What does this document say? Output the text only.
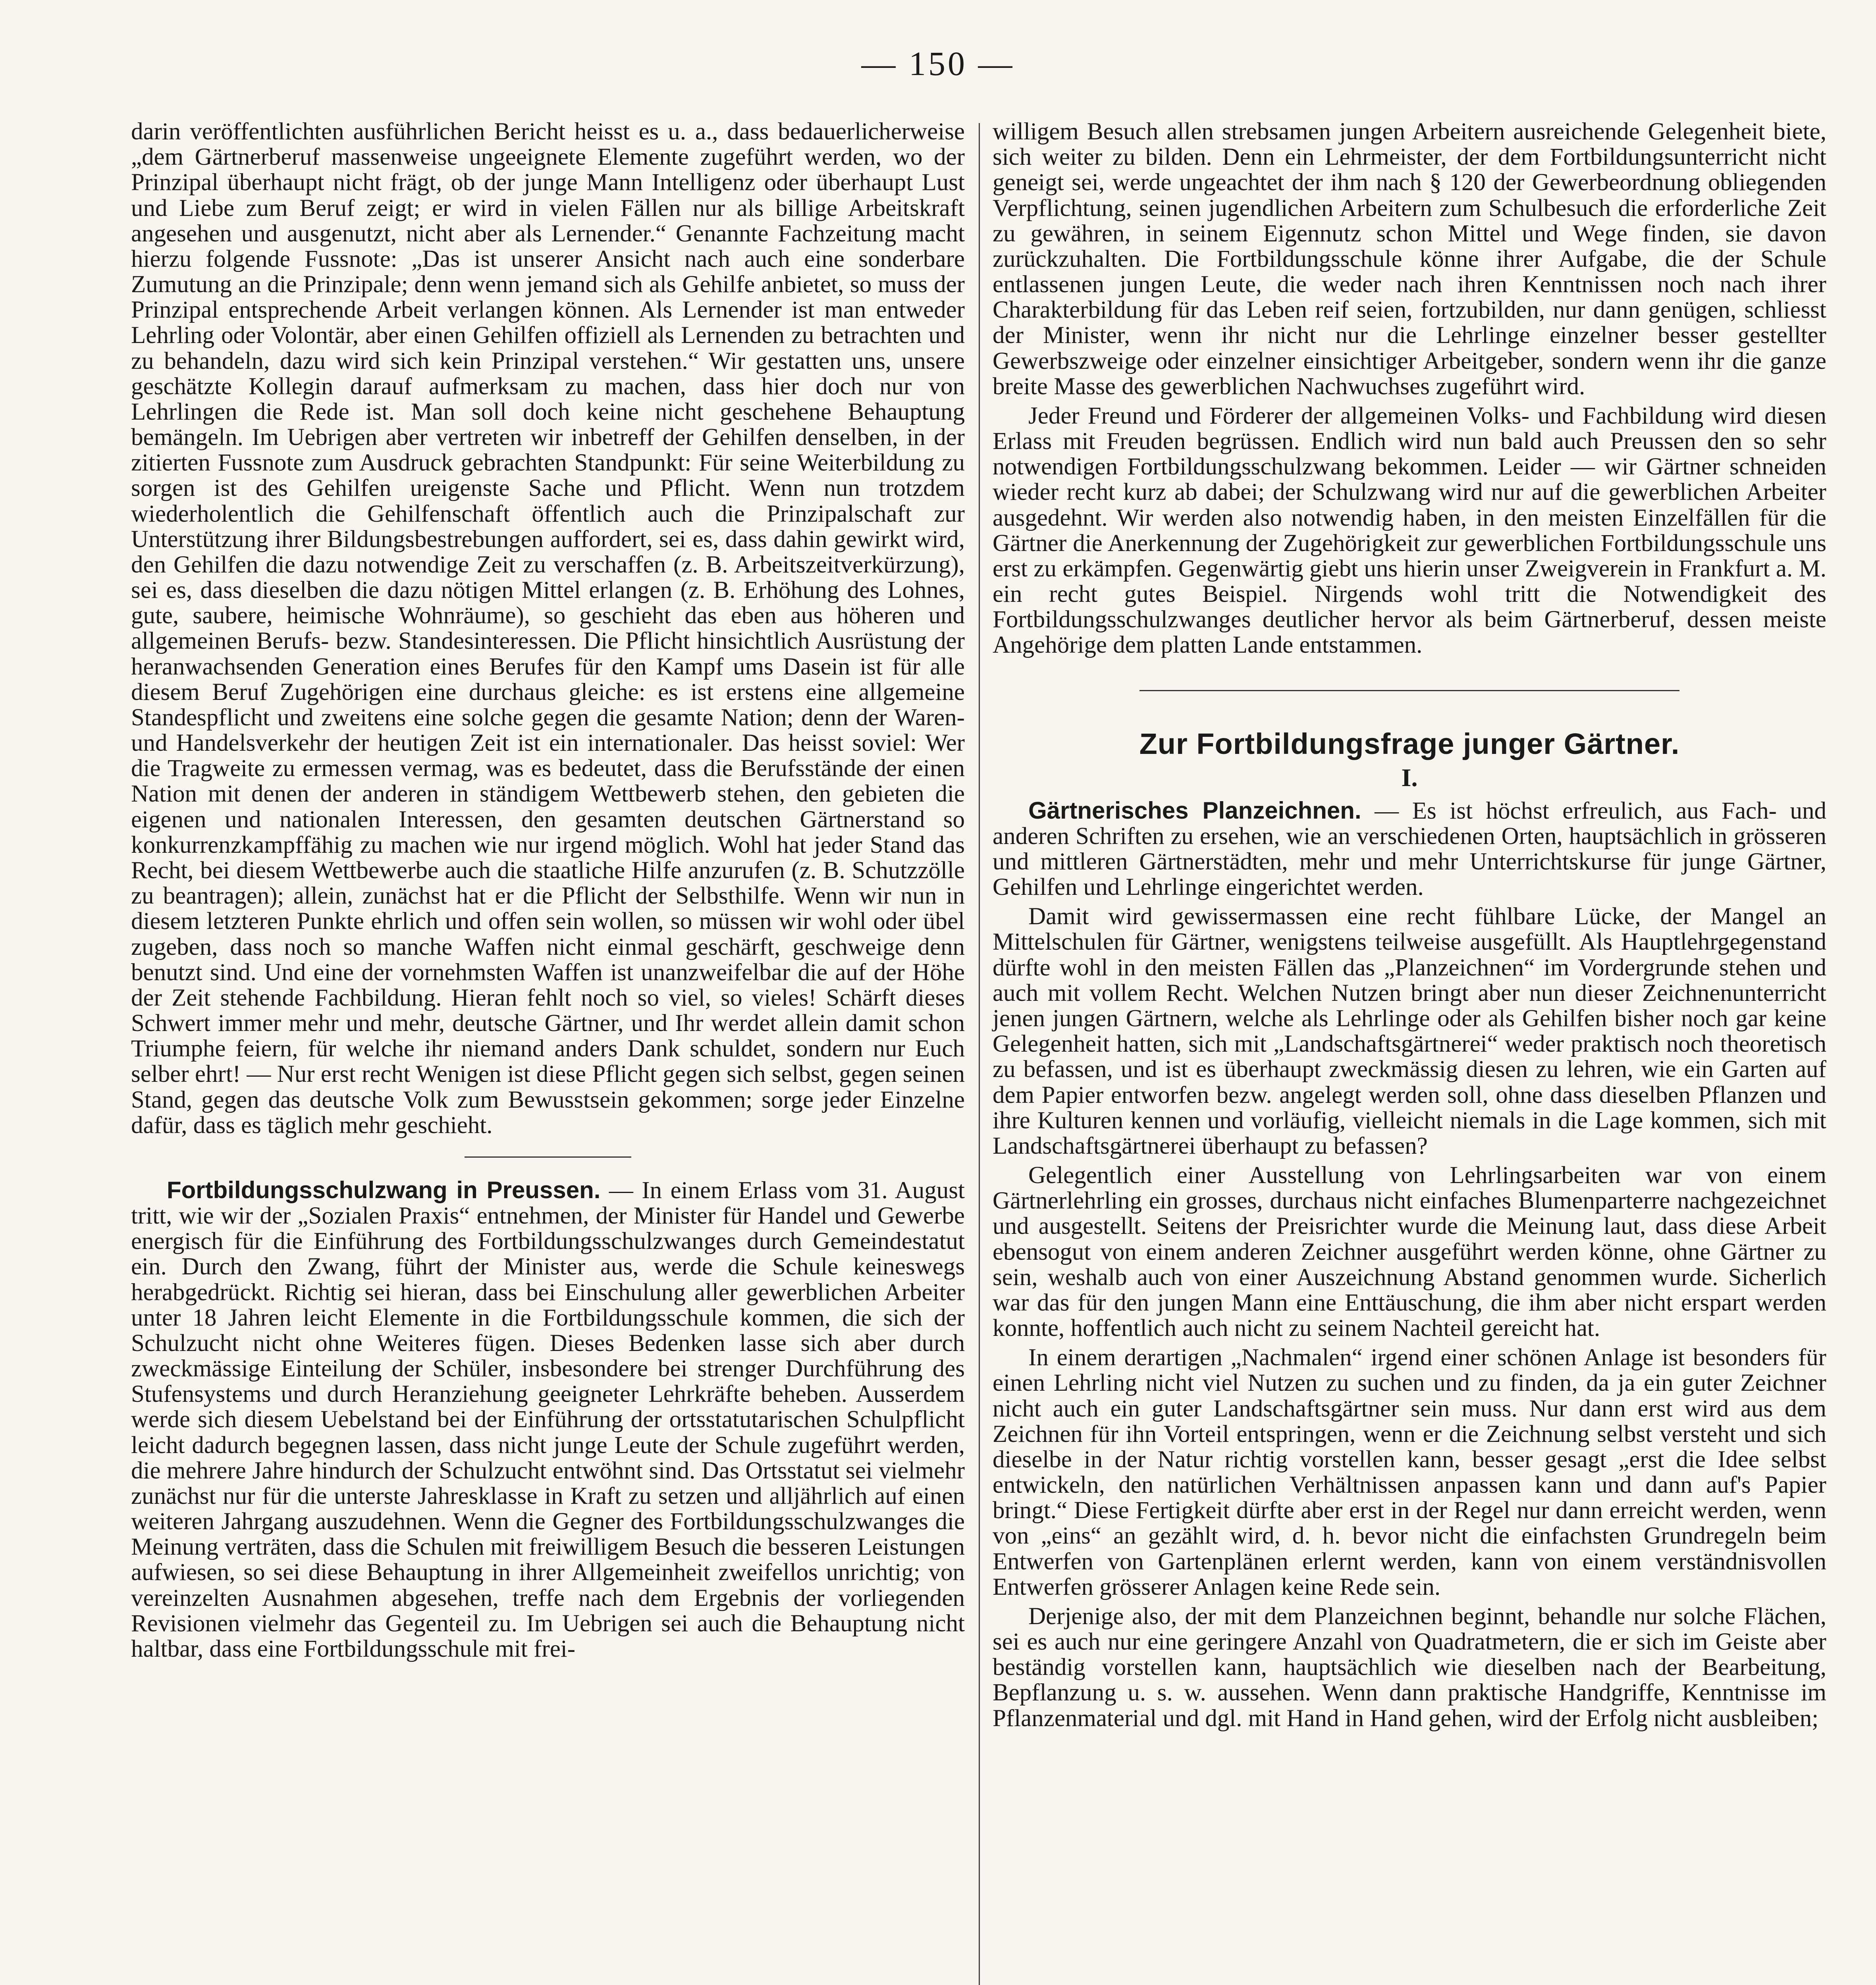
— 150 —

darin veröffentlichten ausführlichen Bericht heisst es u. a., dass bedauerlicherweise „dem Gärtnerberuf massenweise ungeeignete Elemente zugeführt werden, wo der Prinzipal überhaupt nicht frägt, ob der junge Mann Intelligenz oder überhaupt Lust und Liebe zum Beruf zeigt; er wird in vielen Fällen nur als billige Arbeitskraft angesehen und ausgenutzt, nicht aber als Lernender.“ Genannte Fachzeitung macht hierzu folgende Fussnote: „Das ist unserer Ansicht nach auch eine sonderbare Zumutung an die Prinzipale; denn wenn jemand sich als Gehilfe anbietet, so muss der Prinzipal entsprechende Arbeit verlangen können. Als Lernender ist man entweder Lehrling oder Volontär, aber einen Gehilfen offiziell als Lernenden zu betrachten und zu behandeln, dazu wird sich kein Prinzipal verstehen.“ Wir gestatten uns, unsere geschätzte Kollegin darauf aufmerksam zu machen, dass hier doch nur von Lehrlingen die Rede ist. Man soll doch keine nicht geschehene Behauptung bemängeln. Im Uebrigen aber vertreten wir inbetreff der Gehilfen denselben, in der zitierten Fussnote zum Ausdruck gebrachten Standpunkt: Für seine Weiterbildung zu sorgen ist des Gehilfen ureigenste Sache und Pflicht. Wenn nun trotzdem wiederholentlich die Gehilfenschaft öffentlich auch die Prinzipalschaft zur Unterstützung ihrer Bildungsbestrebungen auffordert, sei es, dass dahin gewirkt wird, den Gehilfen die dazu notwendige Zeit zu verschaffen (z. B. Arbeitszeitverkürzung), sei es, dass dieselben die dazu nötigen Mittel erlangen (z. B. Erhöhung des Lohnes, gute, saubere, heimische Wohnräume), so geschieht das eben aus höheren und allgemeinen Berufs- bezw. Standesinteressen. Die Pflicht hinsichtlich Ausrüstung der heranwachsenden Generation eines Berufes für den Kampf ums Dasein ist für alle diesem Beruf Zugehörigen eine durchaus gleiche: es ist erstens eine allgemeine Standespflicht und zweitens eine solche gegen die gesamte Nation; denn der Waren- und Handelsverkehr der heutigen Zeit ist ein internationaler. Das heisst soviel: Wer die Tragweite zu ermessen vermag, was es bedeutet, dass die Berufsstände der einen Nation mit denen der anderen in ständigem Wettbewerb stehen, den gebieten die eigenen und nationalen Interessen, den gesamten deutschen Gärtnerstand so konkurrenzkampffähig zu machen wie nur irgend möglich. Wohl hat jeder Stand das Recht, bei diesem Wettbewerbe auch die staatliche Hilfe anzurufen (z. B. Schutzzölle zu beantragen); allein, zunächst hat er die Pflicht der Selbsthilfe. Wenn wir nun in diesem letzteren Punkte ehrlich und offen sein wollen, so müssen wir wohl oder übel zugeben, dass noch so manche Waffen nicht einmal geschärft, geschweige denn benutzt sind. Und eine der vornehmsten Waffen ist unanzweifelbar die auf der Höhe der Zeit stehende Fachbildung. Hieran fehlt noch so viel, so vieles! Schärft dieses Schwert immer mehr und mehr, deutsche Gärtner, und Ihr werdet allein damit schon Triumphe feiern, für welche ihr niemand anders Dank schuldet, sondern nur Euch selber ehrt! — Nur erst recht Wenigen ist diese Pflicht gegen sich selbst, gegen seinen Stand, gegen das deutsche Volk zum Bewusstsein gekommen; sorge jeder Einzelne dafür, dass es täglich mehr geschieht.

Fortbildungsschulzwang in Preussen. — In einem Erlass vom 31. August tritt, wie wir der „Sozialen Praxis“ entnehmen, der Minister für Handel und Gewerbe energisch für die Einführung des Fortbildungsschulzwanges durch Gemeindestatut ein. Durch den Zwang, führt der Minister aus, werde die Schule keineswegs herabgedrückt. Richtig sei hieran, dass bei Einschulung aller gewerblichen Arbeiter unter 18 Jahren leicht Elemente in die Fortbildungsschule kommen, die sich der Schulzucht nicht ohne Weiteres fügen. Dieses Bedenken lasse sich aber durch zweckmässige Einteilung der Schüler, insbesondere bei strenger Durchführung des Stufensystems und durch Heranziehung geeigneter Lehrkräfte beheben. Ausserdem werde sich diesem Uebelstand bei der Einführung der ortsstatutarischen Schulpflicht leicht dadurch begegnen lassen, dass nicht junge Leute der Schule zugeführt werden, die mehrere Jahre hindurch der Schulzucht entwöhnt sind. Das Ortsstatut sei vielmehr zunächst nur für die unterste Jahresklasse in Kraft zu setzen und alljährlich auf einen weiteren Jahrgang auszudehnen. Wenn die Gegner des Fortbildungsschulzwanges die Meinung verträten, dass die Schulen mit freiwilligem Besuch die besseren Leistungen aufwiesen, so sei diese Behauptung in ihrer Allgemeinheit zweifellos unrichtig; von vereinzelten Ausnahmen abgesehen, treffe nach dem Ergebnis der vorliegenden Revisionen vielmehr das Gegenteil zu. Im Uebrigen sei auch die Behauptung nicht haltbar, dass eine Fortbildungsschule mit frei-

willigem Besuch allen strebsamen jungen Arbeitern ausreichende Gelegenheit biete, sich weiter zu bilden. Denn ein Lehrmeister, der dem Fortbildungsunterricht nicht geneigt sei, werde ungeachtet der ihm nach § 120 der Gewerbeordnung obliegenden Verpflichtung, seinen jugendlichen Arbeitern zum Schulbesuch die erforderliche Zeit zu gewähren, in seinem Eigennutz schon Mittel und Wege finden, sie davon zurückzuhalten. Die Fortbildungsschule könne ihrer Aufgabe, die der Schule entlassenen jungen Leute, die weder nach ihren Kenntnissen noch nach ihrer Charakterbildung für das Leben reif seien, fortzubilden, nur dann genügen, schliesst der Minister, wenn ihr nicht nur die Lehrlinge einzelner besser gestellter Gewerbszweige oder einzelner einsichtiger Arbeitgeber, sondern wenn ihr die ganze breite Masse des gewerblichen Nachwuchses zugeführt wird.

Jeder Freund und Förderer der allgemeinen Volks- und Fachbildung wird diesen Erlass mit Freuden begrüssen. Endlich wird nun bald auch Preussen den so sehr notwendigen Fortbildungsschulzwang bekommen. Leider — wir Gärtner schneiden wieder recht kurz ab dabei; der Schulzwang wird nur auf die gewerblichen Arbeiter ausgedehnt. Wir werden also notwendig haben, in den meisten Einzelfällen für die Gärtner die Anerkennung der Zugehörigkeit zur gewerblichen Fortbildungsschule uns erst zu erkämpfen. Gegenwärtig giebt uns hierin unser Zweigverein in Frankfurt a. M. ein recht gutes Beispiel. Nirgends wohl tritt die Notwendigkeit des Fortbildungsschulzwanges deutlicher hervor als beim Gärtnerberuf, dessen meiste Angehörige dem platten Lande entstammen.

Zur Fortbildungsfrage junger Gärtner.
I.

Gärtnerisches Planzeichnen. — Es ist höchst erfreulich, aus Fach- und anderen Schriften zu ersehen, wie an verschiedenen Orten, hauptsächlich in grösseren und mittleren Gärtnerstädten, mehr und mehr Unterrichtskurse für junge Gärtner, Gehilfen und Lehrlinge eingerichtet werden.

Damit wird gewissermassen eine recht fühlbare Lücke, der Mangel an Mittelschulen für Gärtner, wenigstens teilweise ausgefüllt. Als Hauptlehrgegenstand dürfte wohl in den meisten Fällen das „Planzeichnen“ im Vordergrunde stehen und auch mit vollem Recht. Welchen Nutzen bringt aber nun dieser Zeichnenunterricht jenen jungen Gärtnern, welche als Lehrlinge oder als Gehilfen bisher noch gar keine Gelegenheit hatten, sich mit „Landschaftsgärtnerei“ weder praktisch noch theoretisch zu befassen, und ist es überhaupt zweckmässig diesen zu lehren, wie ein Garten auf dem Papier entworfen bezw. angelegt werden soll, ohne dass dieselben Pflanzen und ihre Kulturen kennen und vorläufig, vielleicht niemals in die Lage kommen, sich mit Landschaftsgärtnerei überhaupt zu befassen?

Gelegentlich einer Ausstellung von Lehrlingsarbeiten war von einem Gärtnerlehrling ein grosses, durchaus nicht einfaches Blumenparterre nachgezeichnet und ausgestellt. Seitens der Preisrichter wurde die Meinung laut, dass diese Arbeit ebensogut von einem anderen Zeichner ausgeführt werden könne, ohne Gärtner zu sein, weshalb auch von einer Auszeichnung Abstand genommen wurde. Sicherlich war das für den jungen Mann eine Enttäuschung, die ihm aber nicht erspart werden konnte, hoffentlich auch nicht zu seinem Nachteil gereicht hat.

In einem derartigen „Nachmalen“ irgend einer schönen Anlage ist besonders für einen Lehrling nicht viel Nutzen zu suchen und zu finden, da ja ein guter Zeichner nicht auch ein guter Landschaftsgärtner sein muss. Nur dann erst wird aus dem Zeichnen für ihn Vorteil entspringen, wenn er die Zeichnung selbst versteht und sich dieselbe in der Natur richtig vorstellen kann, besser gesagt „erst die Idee selbst entwickeln, den natürlichen Verhältnissen anpassen kann und dann auf's Papier bringt.“ Diese Fertigkeit dürfte aber erst in der Regel nur dann erreicht werden, wenn von „eins“ an gezählt wird, d. h. bevor nicht die einfachsten Grundregeln beim Entwerfen von Gartenplänen erlernt werden, kann von einem verständnisvollen Entwerfen grösserer Anlagen keine Rede sein.

Derjenige also, der mit dem Planzeichnen beginnt, behandle nur solche Flächen, sei es auch nur eine geringere Anzahl von Quadratmetern, die er sich im Geiste aber beständig vorstellen kann, hauptsächlich wie dieselben nach der Bearbeitung, Bepflanzung u. s. w. aussehen. Wenn dann praktische Handgriffe, Kenntnisse im Pflanzenmaterial und dgl. mit Hand in Hand gehen, wird der Erfolg nicht ausbleiben;
